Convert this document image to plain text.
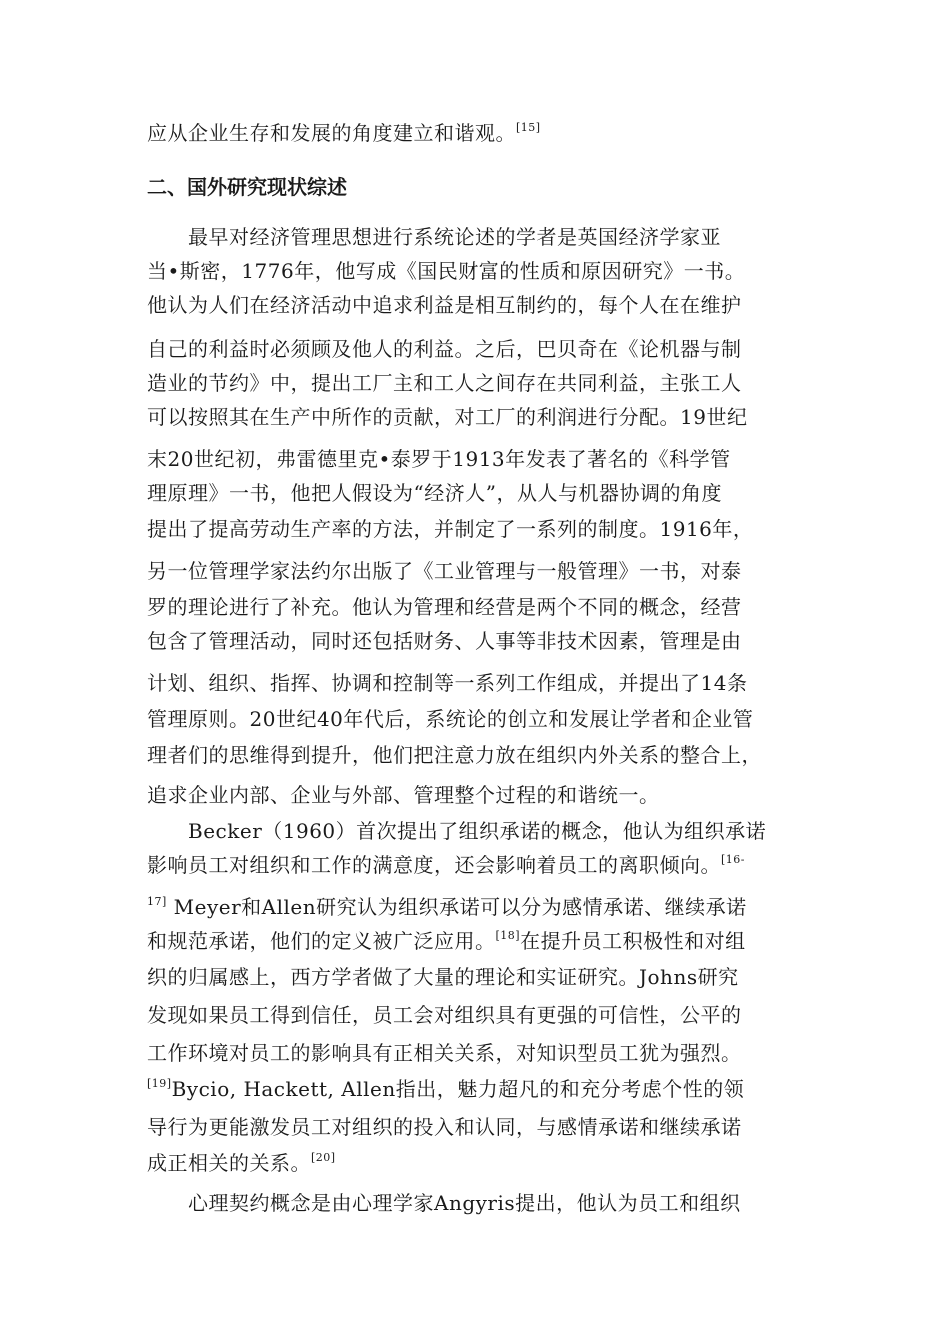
应从企业生存和发展的角度建立和谐观。[15]
二、国外研究现状综述
最早对经济管理思想进行系统论述的学者是英国经济学家亚
当•斯密，1776年，他写成《国民财富的性质和原因研究》一书。
他认为人们在经济活动中追求利益是相互制约的，每个人在在维护
自己的利益时必须顾及他人的利益。之后，巴贝奇在《论机器与制
造业的节约》中，提出工厂主和工人之间存在共同利益，主张工人
可以按照其在生产中所作的贡献，对工厂的利润进行分配。19世纪
末20世纪初，弗雷德里克•泰罗于1913年发表了著名的《科学管
理原理》一书，他把人假设为“经济人”，从人与机器协调的角度
提出了提高劳动生产率的方法，并制定了一系列的制度。1916年，
另一位管理学家法约尔出版了《工业管理与一般管理》一书，对泰
罗的理论进行了补充。他认为管理和经营是两个不同的概念，经营
包含了管理活动，同时还包括财务、人事等非技术因素，管理是由
计划、组织、指挥、协调和控制等一系列工作组成，并提出了14条
管理原则。20世纪40年代后，系统论的创立和发展让学者和企业管
理者们的思维得到提升，他们把注意力放在组织内外关系的整合上，
追求企业内部、企业与外部、管理整个过程的和谐统一。
Becker（1960）首次提出了组织承诺的概念，他认为组织承诺
影响员工对组织和工作的满意度，还会影响着员工的离职倾向。$^{[16-}$
$^{17]}$ Meyer和Allen研究认为组织承诺可以分为感情承诺、继续承诺
和规范承诺，他们的定义被广泛应用。[18]在提升员工积极性和对组
织的归属感上，西方学者做了大量的理论和实证研究。Johns研究
发现如果员工得到信任，员工会对组织具有更强的可信性，公平的
工作环境对员工的影响具有正相关关系，对知识型员工犹为强烈。
[19]Bycio, Hackett, Allen指出，魅力超凡的和充分考虑个性的领
导行为更能激发员工对组织的投入和认同，与感情承诺和继续承诺
成正相关的关系。[20]
心理契约概念是由心理学家Angyris提出，他认为员工和组织
